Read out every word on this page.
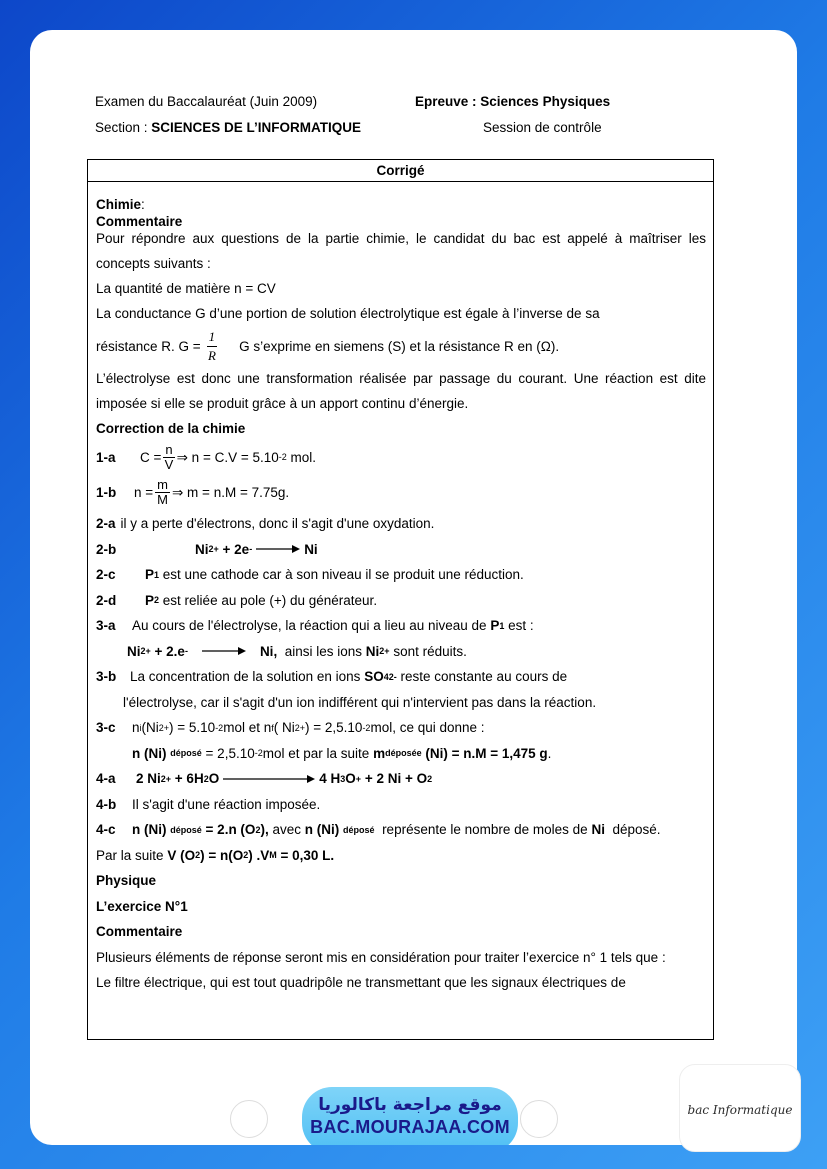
Examen du Baccalauréat (Juin 2009)	Epreuve : Sciences Physiques
Section : SCIENCES DE L’INFORMATIQUE	Session de contrôle
Corrigé
Chimie:
Commentaire

Pour répondre aux questions de la partie chimie, le candidat du bac est appelé à maîtriser les concepts suivants :

La quantité de matière n = CV

La conductance G d’une portion de solution électrolytique est égale à l’inverse de sa

résistance R. $G = \frac{1}{R}$ G s’exprime en siemens (S) et la résistance R en (Ω).

L’électrolyse est donc une transformation réalisée par passage du courant. Une réaction est dite imposée si elle se produit grâce à un apport continu d’énergie.

Correction de la chimie
1-a	$C = \frac{n}{V}$ ⇒ n = C.V = 5.10 -2
mol.
1-b	$n = \frac{m}{M}$ ⇒ m = n.M = 7.75g.
2-a il y a perte d'électrons, donc il s'agit d'une oxydation.
2-b	Ni 2+
+ 2e - → Ni
2-c	P 1
est une cathode car à son niveau il se produit une réduction.
2-d	P 2
est reliée au pole (+) du générateur.
3-a	Au cours de l'électrolyse, la réaction qui a lieu au niveau de
P 1
est :
Ni 2+
+ 2.e - → Ni,
ainsi les ions
Ni 2+
sont réduits.
3-b	La concentration de la solution en ions
SO 4 2-
reste constante au cours de
l'électrolyse, car il s'agit d'un ion indifférent qui n'intervient pas dans la réaction.
3-c	n i (Ni 2+ ) = 5.10 -2 mol et n f ( Ni 2+ ) = 2,5.10 -2 mol, ce qui donne :
n (Ni)
déposé
= 2,5.10 -2 mol et par la suite
m déposée
(Ni) = n.M = 1,475 g .
4-a	2 Ni 2+
+ 6H 2 O	4 H 3 O +
+ 2 Ni + O 2
4-b	Il s'agit d'une réaction imposée.
4-c	n (Ni)
déposé
= 2.n (O 2 ),
avec
n (Ni)
déposé
représente le nombre de moles de
Ni
déposé.
Par la suite
V (O 2 ) = n(O 2 ) .V M
= 0,30 L.
Physique
L’exercice N°1
Commentaire

Plusieurs éléments de réponse seront mis en considération pour traiter l’exercice n° 1 tels que :

Le filtre électrique, qui est tout quadripôle ne transmettant que les signaux électriques de

موقع مراجعة باكالوريا
BAC.MOURAJAA.COM
bac Informatique
